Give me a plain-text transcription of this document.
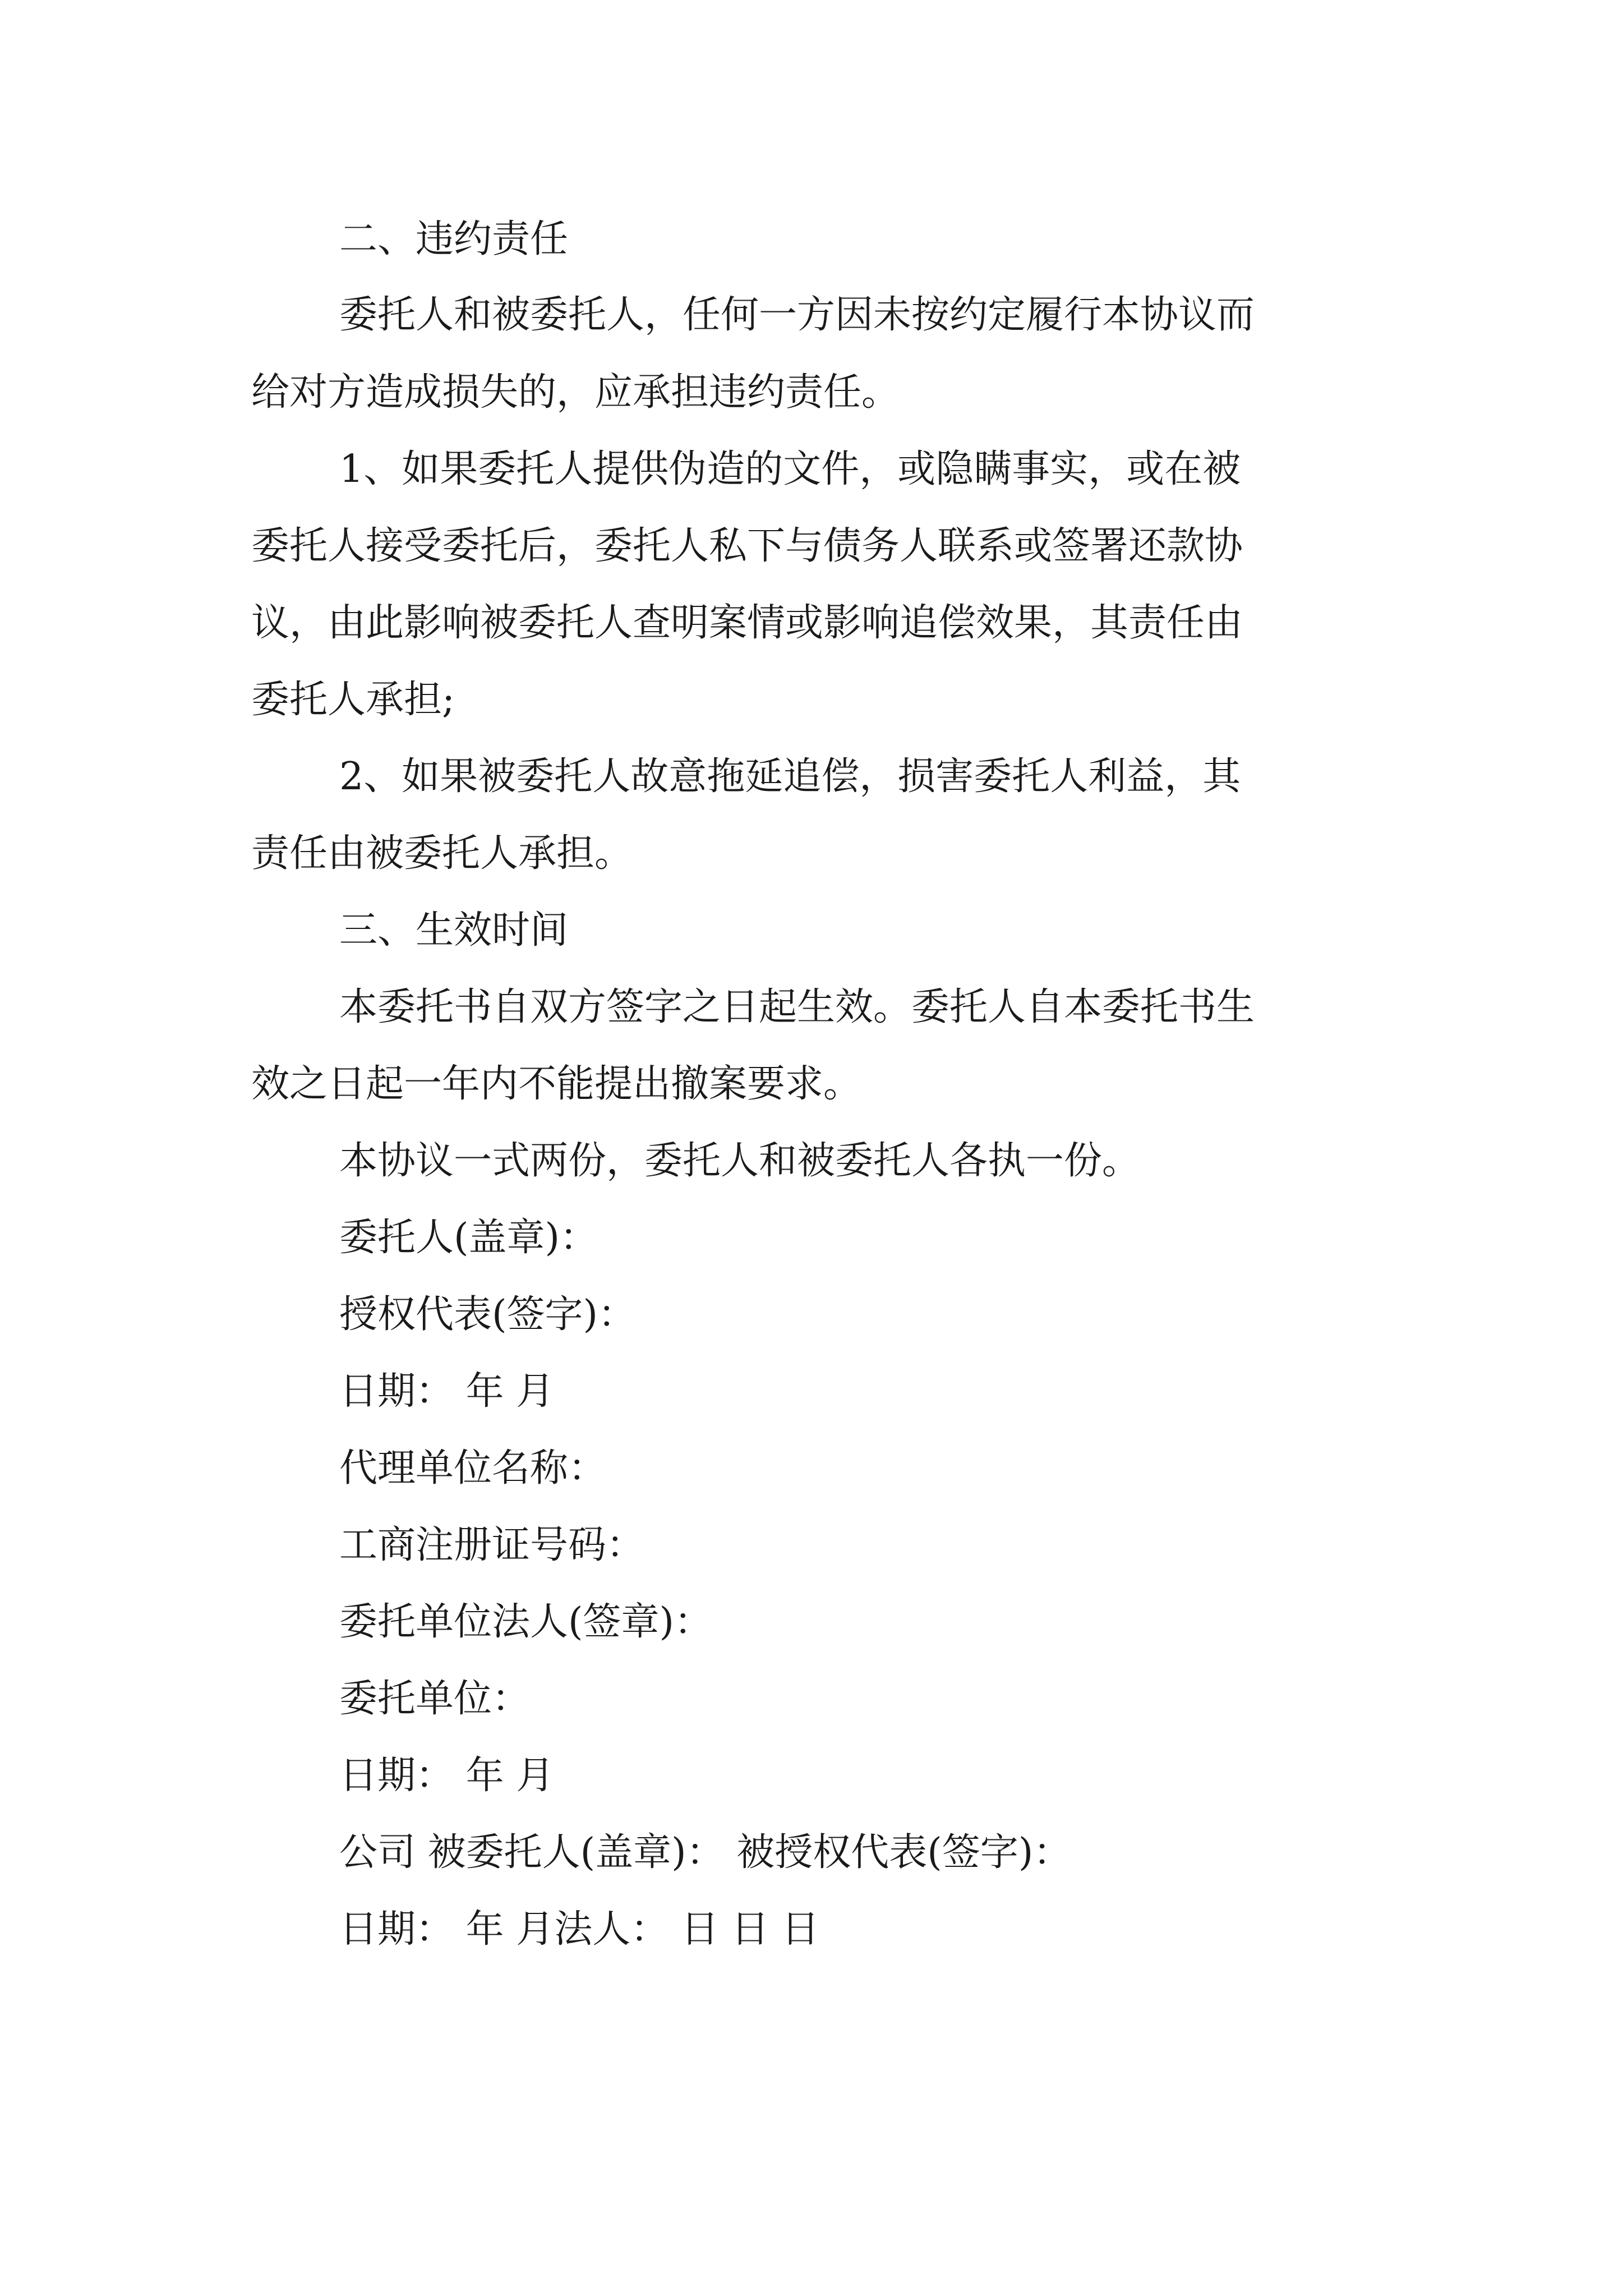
二、违约责任
委托人和被委托人，任何一方因未按约定履行本协议而
给对方造成损失的，应承担违约责任。
1、如果委托人提供伪造的文件，或隐瞒事实，或在被
委托人接受委托后，委托人私下与债务人联系或签署还款协
议，由此影响被委托人查明案情或影响追偿效果，其责任由
委托人承担;
2、如果被委托人故意拖延追偿，损害委托人利益，其
责任由被委托人承担。
三、生效时间
本委托书自双方签字之日起生效。委托人自本委托书生
效之日起一年内不能提出撤案要求。
本协议一式两份，委托人和被委托人各执一份。
委托人(盖章)：
授权代表(签字)：
日期： 年 月
代理单位名称：
工商注册证号码：
委托单位法人(签章)：
委托单位：
日期： 年 月
公司 被委托人(盖章)： 被授权代表(签字)：
日期： 年 月法人： 日 日 日
